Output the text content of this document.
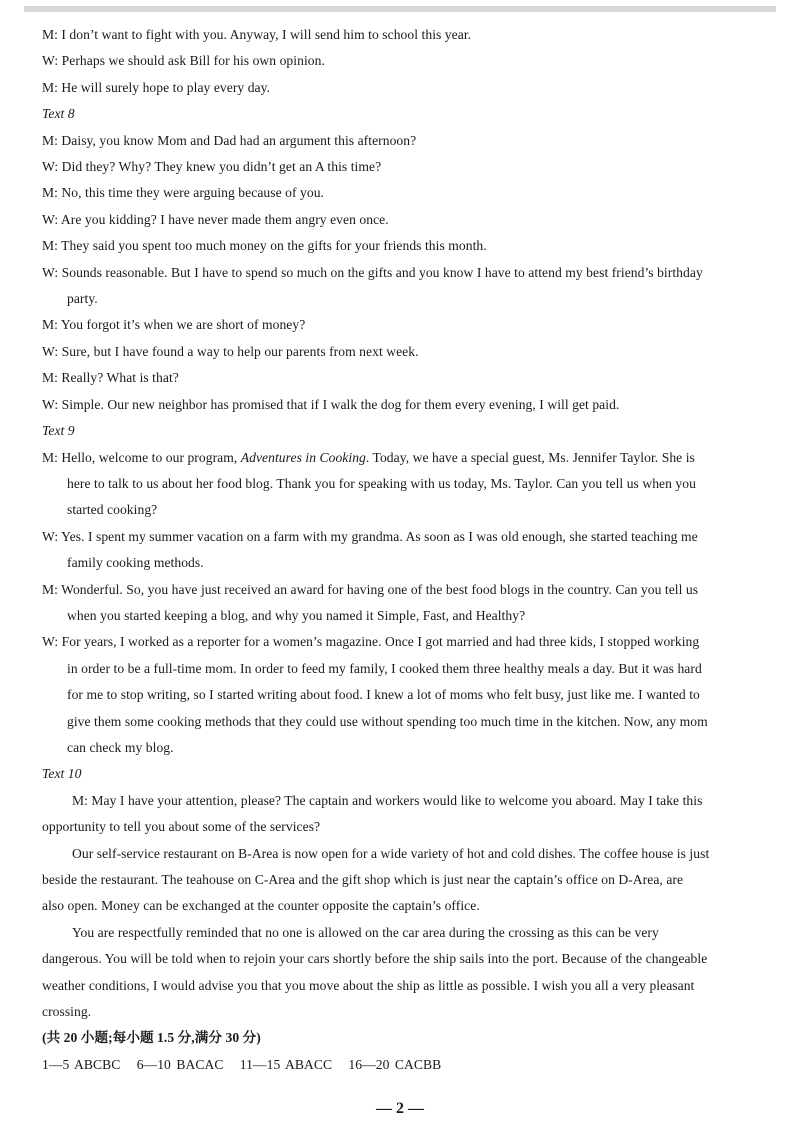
M: I don’t want to fight with you. Anyway, I will send him to school this year.
W: Perhaps we should ask Bill for his own opinion.
M: He will surely hope to play every day.
Text 8
M: Daisy, you know Mom and Dad had an argument this afternoon?
W: Did they? Why? They knew you didn’t get an A this time?
M: No, this time they were arguing because of you.
W: Are you kidding? I have never made them angry even once.
M: They said you spent too much money on the gifts for your friends this month.
W: Sounds reasonable. But I have to spend so much on the gifts and you know I have to attend my best friend’s birthday
party.
M: You forgot it’s when we are short of money?
W: Sure, but I have found a way to help our parents from next week.
M: Really? What is that?
W: Simple. Our new neighbor has promised that if I walk the dog for them every evening, I will get paid.
Text 9
M: Hello, welcome to our program, Adventures in Cooking. Today, we have a special guest, Ms. Jennifer Taylor. She is
here to talk to us about her food blog. Thank you for speaking with us today, Ms. Taylor. Can you tell us when you
started cooking?
W: Yes. I spent my summer vacation on a farm with my grandma. As soon as I was old enough, she started teaching me
family cooking methods.
M: Wonderful. So, you have just received an award for having one of the best food blogs in the country. Can you tell us
when you started keeping a blog, and why you named it Simple, Fast, and Healthy?
W: For years, I worked as a reporter for a women’s magazine. Once I got married and had three kids, I stopped working
in order to be a full-time mom. In order to feed my family, I cooked them three healthy meals a day. But it was hard
for me to stop writing, so I started writing about food. I knew a lot of moms who felt busy, just like me. I wanted to
give them some cooking methods that they could use without spending too much time in the kitchen. Now, any mom
can check my blog.
Text 10
M: May I have your attention, please? The captain and workers would like to welcome you aboard. May I take this
opportunity to tell you about some of the services?
Our self-service restaurant on B-Area is now open for a wide variety of hot and cold dishes. The coffee house is just
beside the restaurant. The teahouse on C-Area and the gift shop which is just near the captain’s office on D-Area, are
also open. Money can be exchanged at the counter opposite the captain’s office.
You are respectfully reminded that no one is allowed on the car area during the crossing as this can be very
dangerous. You will be told when to rejoin your cars shortly before the ship sails into the port. Because of the changeable
weather conditions, I would advise you that you move about the ship as little as possible. I wish you all a very pleasant
crossing.
(共 20 小题;每小题 1.5 分,满分 30 分)
1—5 ABCBC   6—10 BACAC   11—15 ABACC   16—20 CACBB
— 2 —
